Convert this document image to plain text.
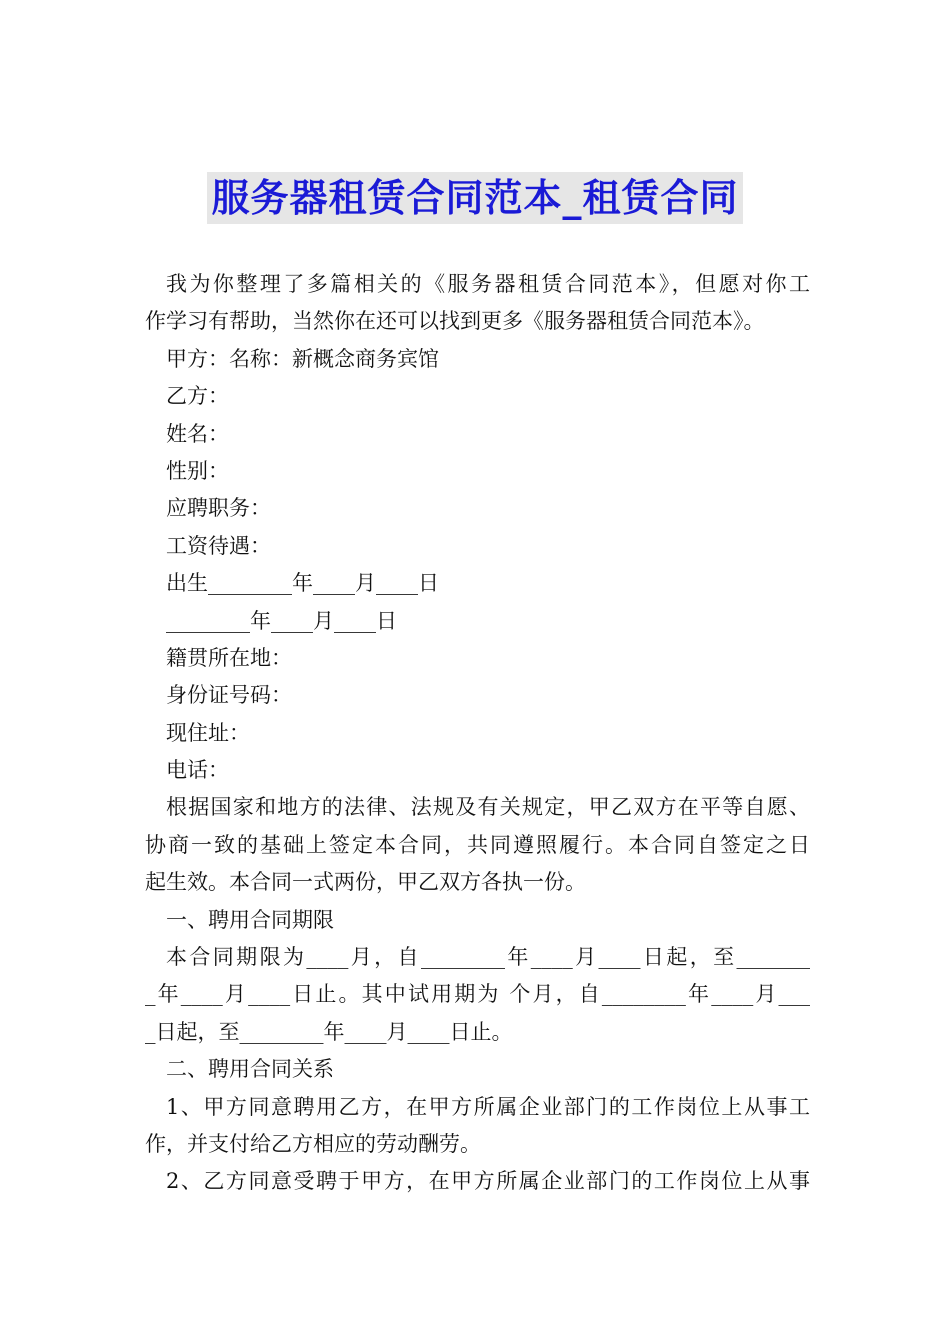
服务器租赁合同范本_租赁合同
我为你整理了多篇相关的《服务器租赁合同范本》，但愿对你工
作学习有帮助，当然你在还可以找到更多《服务器租赁合同范本》。
甲方：名称：新概念商务宾馆
乙方：
姓名：
性别：
应聘职务：
工资待遇：
出生________年____月____日
________年____月____日
籍贯所在地：
身份证号码：
现住址：
电话：
根据国家和地方的法律、法规及有关规定，甲乙双方在平等自愿、
协商一致的基础上签定本合同，共同遵照履行。本合同自签定之日
起生效。本合同一式两份，甲乙双方各执一份。
一、聘用合同期限
本合同期限为____月，自________年____月____日起，至_______
_年____月____日止。其中试用期为 个月，自________年____月___
_日起，至________年____月____日止。
二、聘用合同关系
1、甲方同意聘用乙方，在甲方所属企业部门的工作岗位上从事工
作，并支付给乙方相应的劳动酬劳。
2、乙方同意受聘于甲方，在甲方所属企业部门的工作岗位上从事
